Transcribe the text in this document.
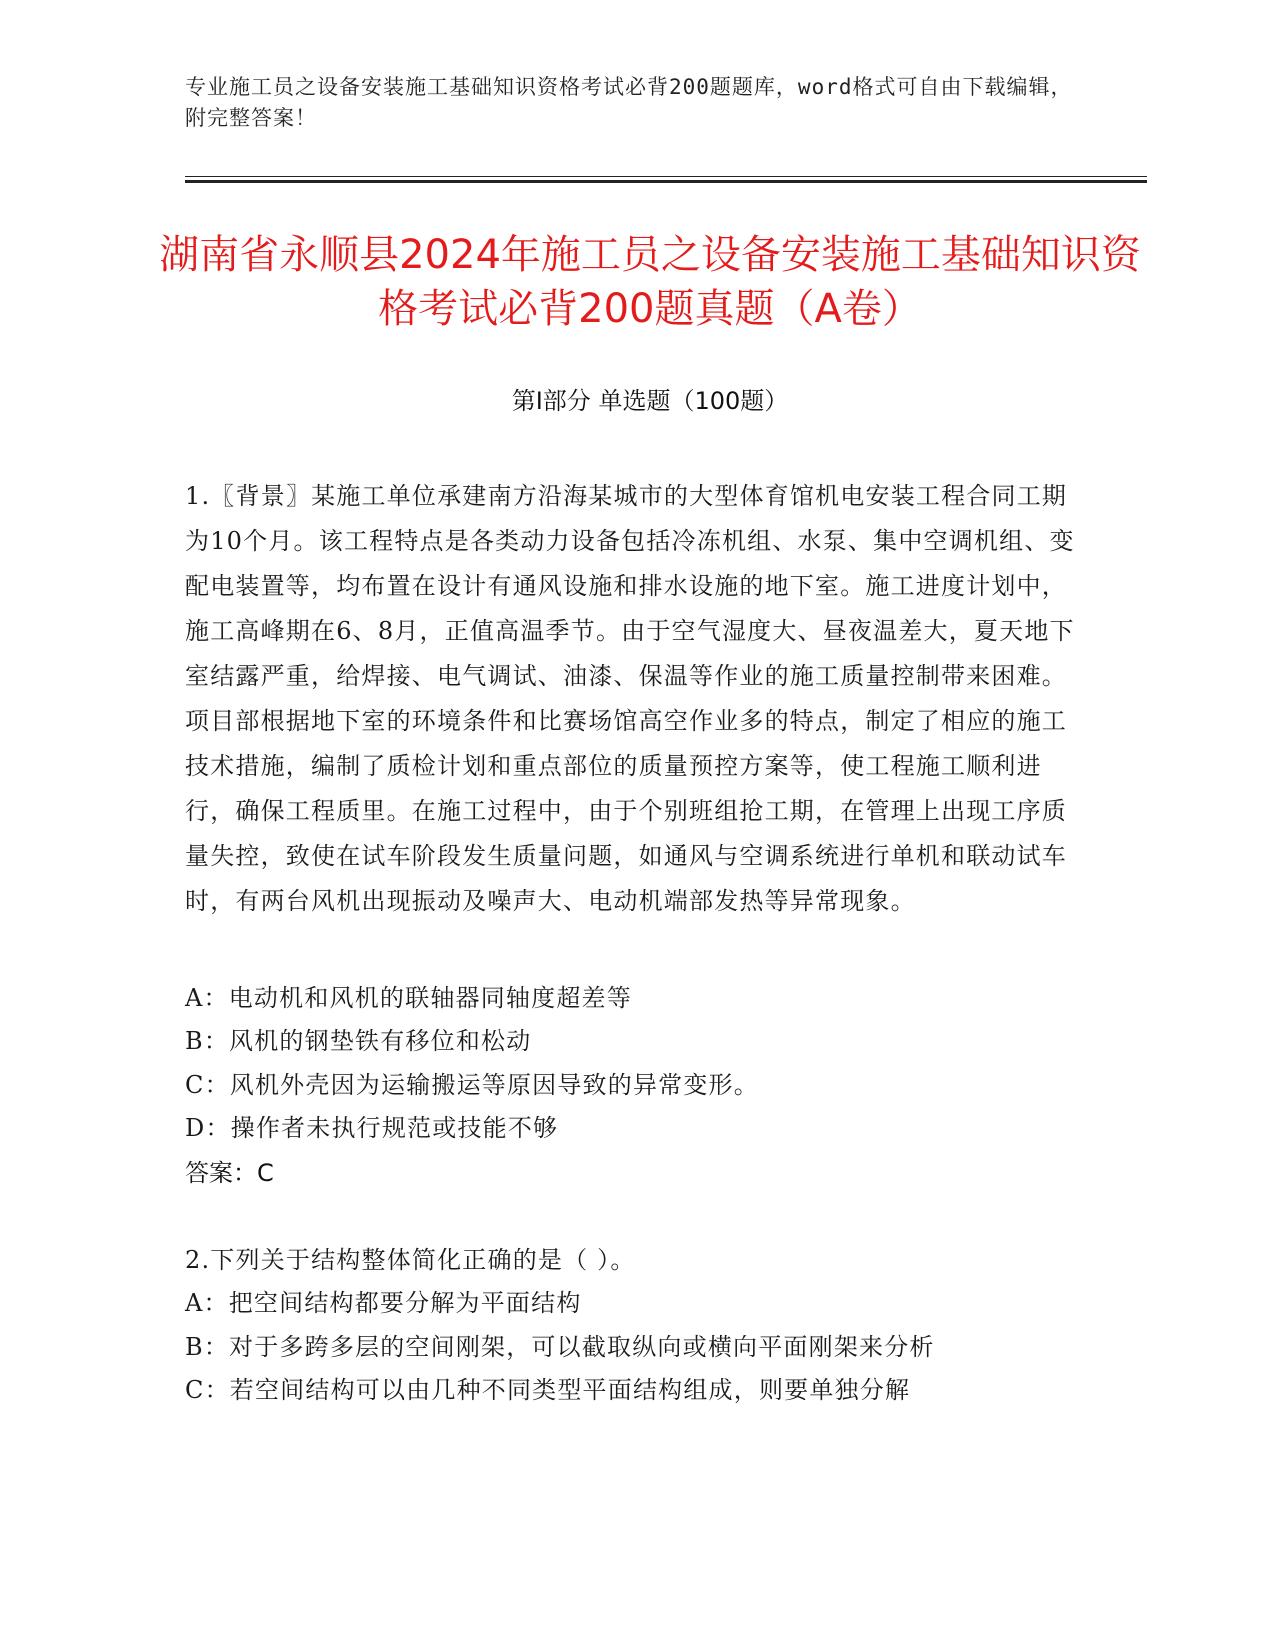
专业施工员之设备安装施工基础知识资格考试必背200题题库，word格式可自由下载编辑，附完整答案！
湖南省永顺县2024年施工员之设备安装施工基础知识资格考试必背200题真题（A卷）
第Ⅰ部分 单选题（100题）
1.〖背景〗某施工单位承建南方沿海某城市的大型体育馆机电安装工程合同工期为10个月。该工程特点是各类动力设备包括冷冻机组、水泵、集中空调机组、变配电装置等，均布置在设计有通风设施和排水设施的地下室。施工进度计划中，施工高峰期在6、8月，正值高温季节。由于空气湿度大、昼夜温差大，夏天地下室结露严重，给焊接、电气调试、油漆、保温等作业的施工质量控制带来困难。项目部根据地下室的环境条件和比赛场馆高空作业多的特点，制定了相应的施工技术措施，编制了质检计划和重点部位的质量预控方案等，使工程施工顺利进行，确保工程质里。在施工过程中，由于个别班组抢工期，在管理上出现工序质量失控，致使在试车阶段发生质量问题，如通风与空调系统进行单机和联动试车时，有两台风机出现振动及噪声大、电动机端部发热等异常现象。
A：电动机和风机的联轴器同轴度超差等
B：风机的钢垫铁有移位和松动
C：风机外壳因为运输搬运等原因导致的异常变形。
D：操作者未执行规范或技能不够
答案：C
2.下列关于结构整体简化正确的是（ ）。
A：把空间结构都要分解为平面结构
B：对于多跨多层的空间刚架，可以截取纵向或横向平面刚架来分析
C：若空间结构可以由几种不同类型平面结构组成，则要单独分解
